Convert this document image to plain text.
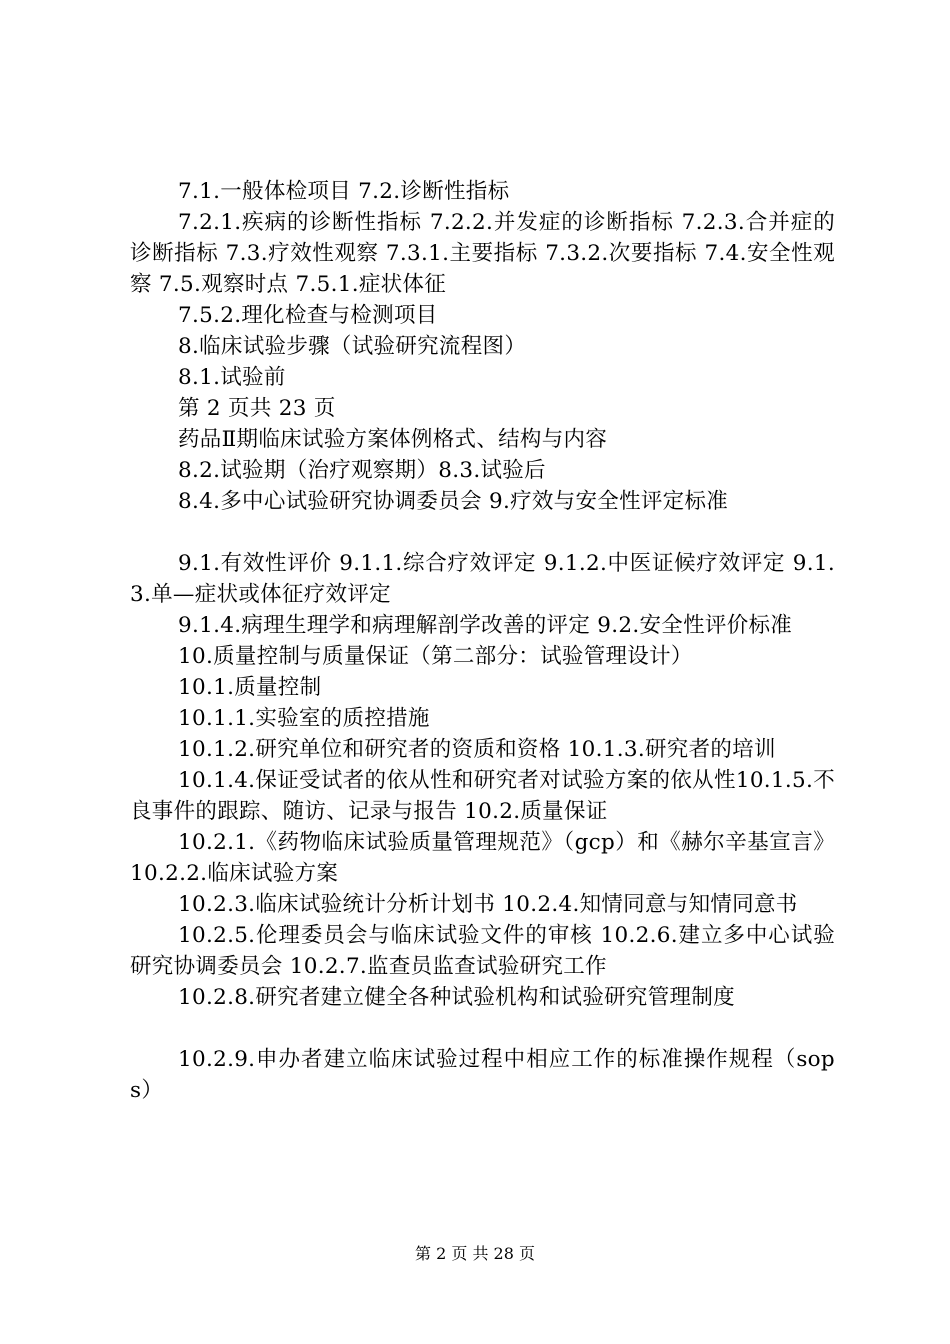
7.1.一般体检项目 7.2.诊断性指标

7.2.1.疾病的诊断性指标 7.2.2.并发症的诊断指标 7.2.3.合并症的诊断指标 7.3.疗效性观察 7.3.1.主要指标 7.3.2.次要指标 7.4.安全性观察 7.5.观察时点 7.5.1.症状体征

7.5.2.理化检查与检测项目

8.临床试验步骤（试验研究流程图）

8.1.试验前

第 2 页共 23 页

药品Ⅱ期临床试验方案体例格式、结构与内容

8.2.试验期（治疗观察期）8.3.试验后

8.4.多中心试验研究协调委员会 9.疗效与安全性评定标准

9.1.有效性评价 9.1.1.综合疗效评定 9.1.2.中医证候疗效评定 9.1.3.单—症状或体征疗效评定

9.1.4.病理生理学和病理解剖学改善的评定 9.2.安全性评价标准

10.质量控制与质量保证（第二部分：试验管理设计）

10.1.质量控制

10.1.1.实验室的质控措施

10.1.2.研究单位和研究者的资质和资格 10.1.3.研究者的培训

10.1.4.保证受试者的依从性和研究者对试验方案的依从性10.1.5.不良事件的跟踪、随访、记录与报告 10.2.质量保证

10.2.1.《药物临床试验质量管理规范》（gcp）和《赫尔辛基宣言》10.2.2.临床试验方案

10.2.3.临床试验统计分析计划书 10.2.4.知情同意与知情同意书

10.2.5.伦理委员会与临床试验文件的审核 10.2.6.建立多中心试验研究协调委员会 10.2.7.监查员监查试验研究工作

10.2.8.研究者建立健全各种试验机构和试验研究管理制度

10.2.9.申办者建立临床试验过程中相应工作的标准操作规程（sops）

第 2 页 共 28 页
